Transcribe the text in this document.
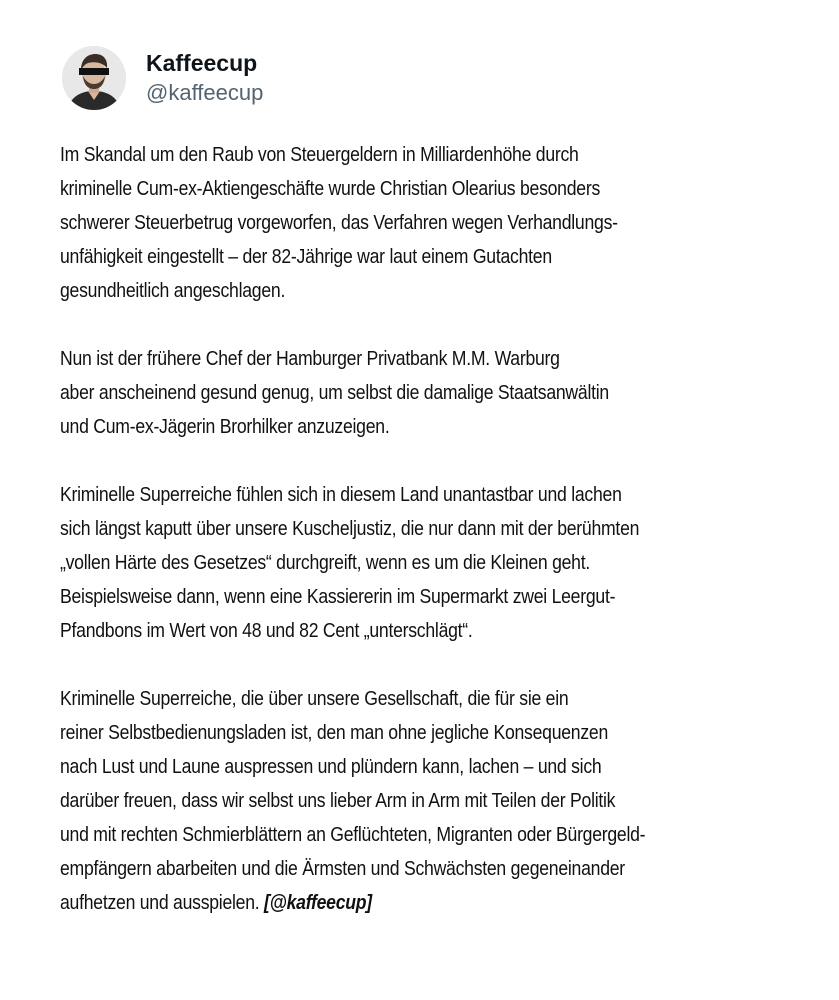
Kaffeecup
@kaffeecup

Im Skandal um den Raub von Steuergeldern in Milliardenhöhe durch
kriminelle Cum-ex-Aktiengeschäfte wurde Christian Olearius besonders
schwerer Steuerbetrug vorgeworfen, das Verfahren wegen Verhandlungs-
unfähigkeit eingestellt – der 82-Jährige war laut einem Gutachten
gesundheitlich angeschlagen.

Nun ist der frühere Chef der Hamburger Privatbank M.M. Warburg
aber anscheinend gesund genug, um selbst die damalige Staatsanwältin
und Cum-ex-Jägerin Brorhilker anzuzeigen.

Kriminelle Superreiche fühlen sich in diesem Land unantastbar und lachen
sich längst kaputt über unsere Kuscheljustiz, die nur dann mit der berühmten
„vollen Härte des Gesetzes“ durchgreift, wenn es um die Kleinen geht.
Beispielsweise dann, wenn eine Kassiererin im Supermarkt zwei Leergut-
Pfandbons im Wert von 48 und 82 Cent „unterschlägt“.

Kriminelle Superreiche, die über unsere Gesellschaft, die für sie ein
reiner Selbstbedienungsladen ist, den man ohne jegliche Konsequenzen
nach Lust und Laune auspressen und plündern kann, lachen – und sich
darüber freuen, dass wir selbst uns lieber Arm in Arm mit Teilen der Politik
und mit rechten Schmierblättern an Geflüchteten, Migranten oder Bürgergeld-
empfängern abarbeiten und die Ärmsten und Schwächsten gegeneinander
aufhetzen und ausspielen. [@kaffeecup]
